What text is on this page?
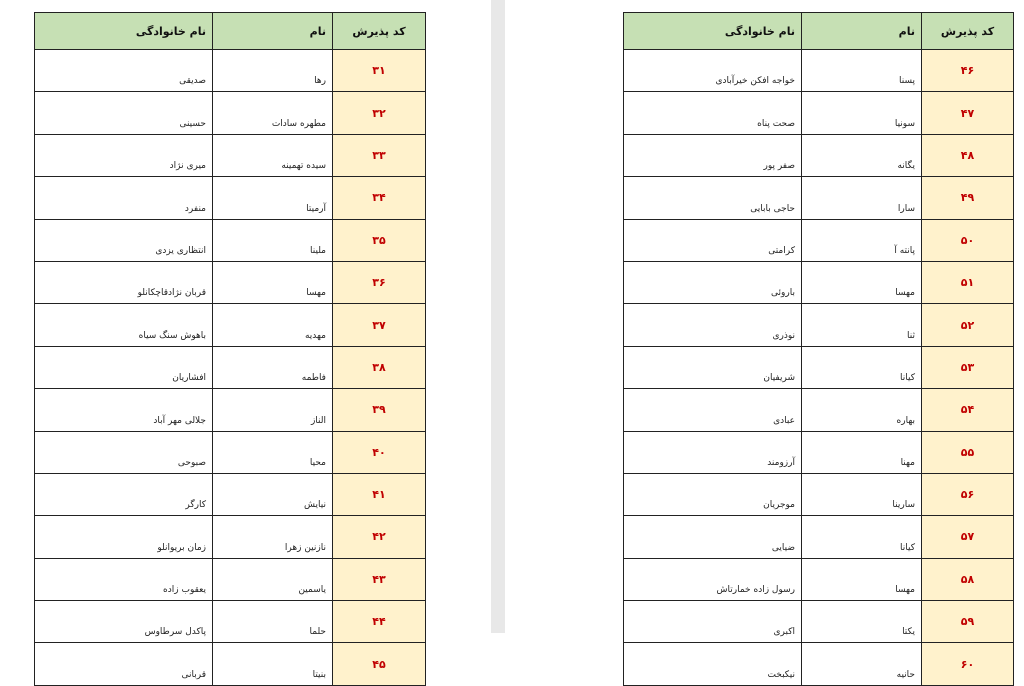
نام خانوادگی	نام	کد پذیرش
صدیقی	رها	۳۱
حسینی	مطهره سادات	۳۲
میری نژاد	سیده تهمینه	۳۳
منفرد	آرمیتا	۳۴
انتظاری یزدی	ملینا	۳۵
قربان نژادقاچکانلو	مهسا	۳۶
باهوش سنگ سیاه	مهدیه	۳۷
افشاریان	فاطمه	۳۸
جلالی مهر آباد	الناز	۳۹
صبوحی	محیا	۴۰
کارگر	نیایش	۴۱
زمان بریوانلو	نازنین زهرا	۴۲
یعقوب زاده	یاسمین	۴۳
پاکدل سرطاوس	حلما	۴۴
قربانی	بنیتا	۴۵
نام خانوادگی	نام	کد پذیرش
خواجه افکن خیرآبادی	پسنا	۴۶
صحت پناه	سونیا	۴۷
صفر پور	یگانه	۴۸
حاجی بابایی	سارا	۴۹
کرامتی	پانته آ	۵۰
باروئی	مهسا	۵۱
نوذری	ثنا	۵۲
شریفیان	کیانا	۵۳
عبادی	بهاره	۵۴
آرزومند	مهنا	۵۵
موجریان	سارینا	۵۶
ضیایی	کیانا	۵۷
رسول زاده خمارتاش	مهسا	۵۸
اکبری	یکتا	۵۹
نیکبخت	حانیه	۶۰
